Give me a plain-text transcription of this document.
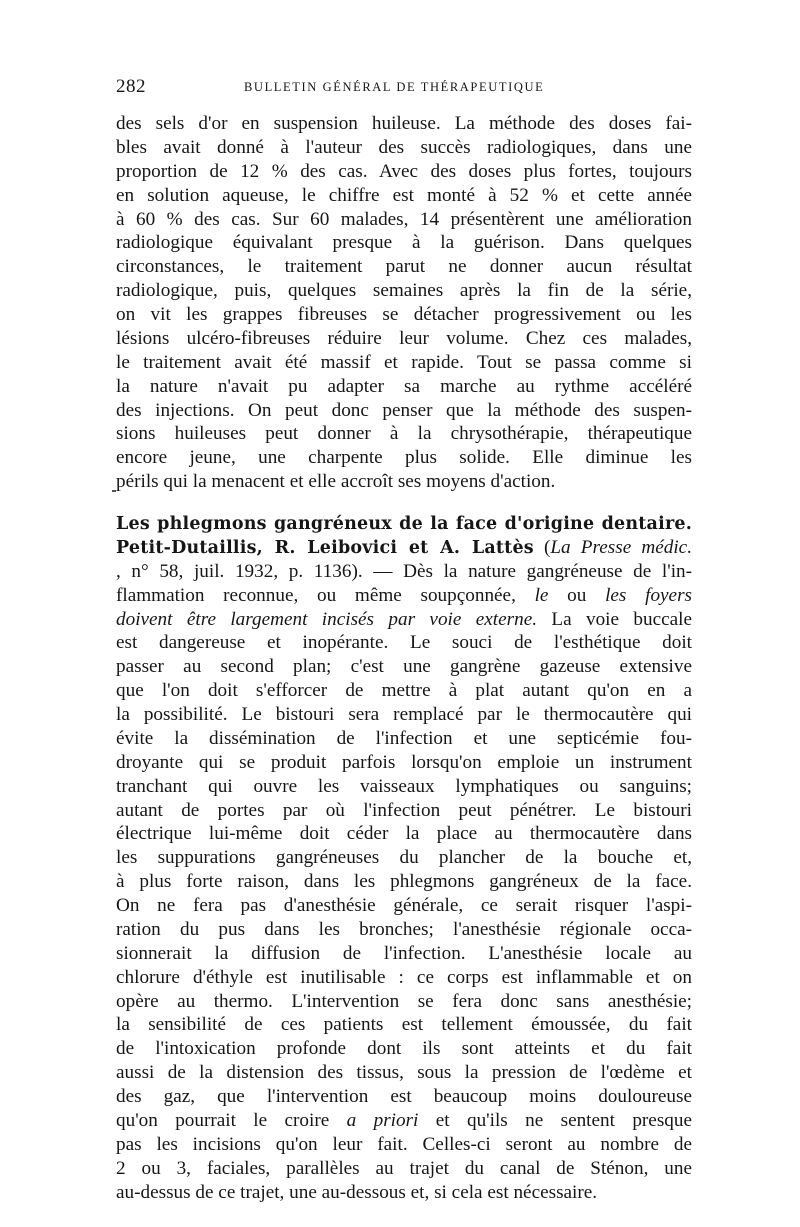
282	BULLETIN GÉNÉRAL DE THÉRAPEUTIQUE
des sels d'or en suspension huileuse. La méthode des doses fai-
bles avait donné à l'auteur des succès radiologiques, dans une
proportion de 12 % des cas. Avec des doses plus fortes, toujours
en solution aqueuse, le chiffre est monté à 52 % et cette année
à 60 % des cas. Sur 60 malades, 14 présentèrent une amélioration
radiologique équivalant presque à la guérison. Dans quelques
circonstances, le traitement parut ne donner aucun résultat
radiologique, puis, quelques semaines après la fin de la série,
on vit les grappes fibreuses se détacher progressivement ou les
lésions ulcéro-fibreuses réduire leur volume. Chez ces malades,
le traitement avait été massif et rapide. Tout se passa comme si
la nature n'avait pu adapter sa marche au rythme accéléré
des injections. On peut donc penser que la méthode des suspen-
sions huileuses peut donner à la chrysothérapie, thérapeutique
encore jeune, une charpente plus solide. Elle diminue les
périls qui la menacent et elle accroît ses moyens d'action.
Les phlegmons gangréneux de la face d'origine dentaire.
Petit-Dutaillis, R. Leibovici et A. Lattès (La Presse médic.
, n° 58, juil. 1932, p. 1136). — Dès la nature gangréneuse de l'in-
flammation reconnue, ou même soupçonnée, le ou les foyers
doivent être largement incisés par voie externe. La voie buccale
est dangereuse et inopérante. Le souci de l'esthétique doit
passer au second plan; c'est une gangrène gazeuse extensive
que l'on doit s'efforcer de mettre à plat autant qu'on en a
la possibilité. Le bistouri sera remplacé par le thermocautère qui
évite la dissémination de l'infection et une septicémie fou-
droyante qui se produit parfois lorsqu'on emploie un instrument
tranchant qui ouvre les vaisseaux lymphatiques ou sanguins;
autant de portes par où l'infection peut pénétrer. Le bistouri
électrique lui-même doit céder la place au thermocautère dans
les suppurations gangréneuses du plancher de la bouche et,
à plus forte raison, dans les phlegmons gangréneux de la face.
On ne fera pas d'anesthésie générale, ce serait risquer l'aspi-
ration du pus dans les bronches; l'anesthésie régionale occa-
sionnerait la diffusion de l'infection. L'anesthésie locale au
chlorure d'éthyle est inutilisable : ce corps est inflammable et on
opère au thermo. L'intervention se fera donc sans anesthésie;
la sensibilité de ces patients est tellement émoussée, du fait
de l'intoxication profonde dont ils sont atteints et du fait
aussi de la distension des tissus, sous la pression de l'œdème et
des gaz, que l'intervention est beaucoup moins douloureuse
qu'on pourrait le croire a priori et qu'ils ne sentent presque
pas les incisions qu'on leur fait. Celles-ci seront au nombre de
2 ou 3, faciales, parallèles au trajet du canal de Sténon, une
au-dessus de ce trajet, une au-dessous et, si cela est nécessaire.
